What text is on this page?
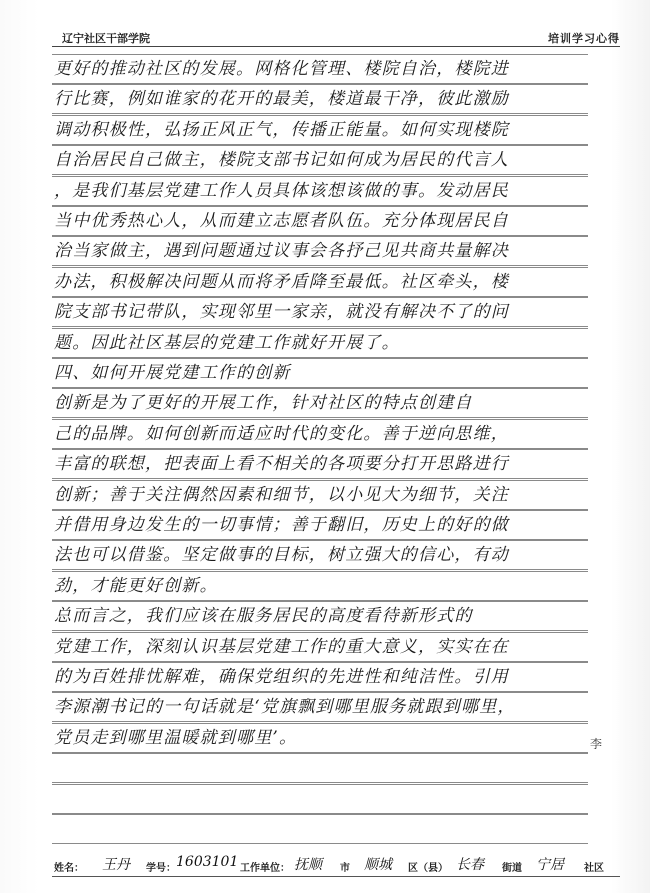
辽宁社区干部学院	培训学习心得
更好的推动社区的发展。网格化管理、楼院自治，楼院进
行比赛，例如谁家的花开的最美，楼道最干净，彼此激励
调动积极性，弘扬正风正气，传播正能量。如何实现楼院
自治居民自己做主，楼院支部书记如何成为居民的代言人
，是我们基层党建工作人员具体该想该做的事。发动居民
当中优秀热心人，从而建立志愿者队伍。充分体现居民自
治当家做主，遇到问题通过议事会各抒己见共商共量解决
办法，积极解决问题从而将矛盾降至最低。社区牵头，楼
院支部书记带队，实现邻里一家亲，就没有解决不了的问
题。因此社区基层的党建工作就好开展了。
四、如何开展党建工作的创新
创新是为了更好的开展工作，针对社区的特点创建自
己的品牌。如何创新而适应时代的变化。善于逆向思维，
丰富的联想，把表面上看不相关的各项要分打开思路进行
创新；善于关注偶然因素和细节，以小见大为细节，关注
并借用身边发生的一切事情；善于翻旧，历史上的好的做
法也可以借鉴。坚定做事的目标，树立强大的信心，有动
劲，才能更好创新。
总而言之，我们应该在服务居民的高度看待新形式的
党建工作，深刻认识基层党建工作的重大意义，实实在在
的为百姓排忧解难，确保党组织的先进性和纯洁性。引用
李源潮书记的一句话就是‘党旗飘到哪里服务就跟到哪里，
党员走到哪里温暖就到哪里’。	李
姓名： 王丹 学号： 1603101 工作单位： 抚顺 市 顺城 区（县） 长春 街道 宁居 社区
